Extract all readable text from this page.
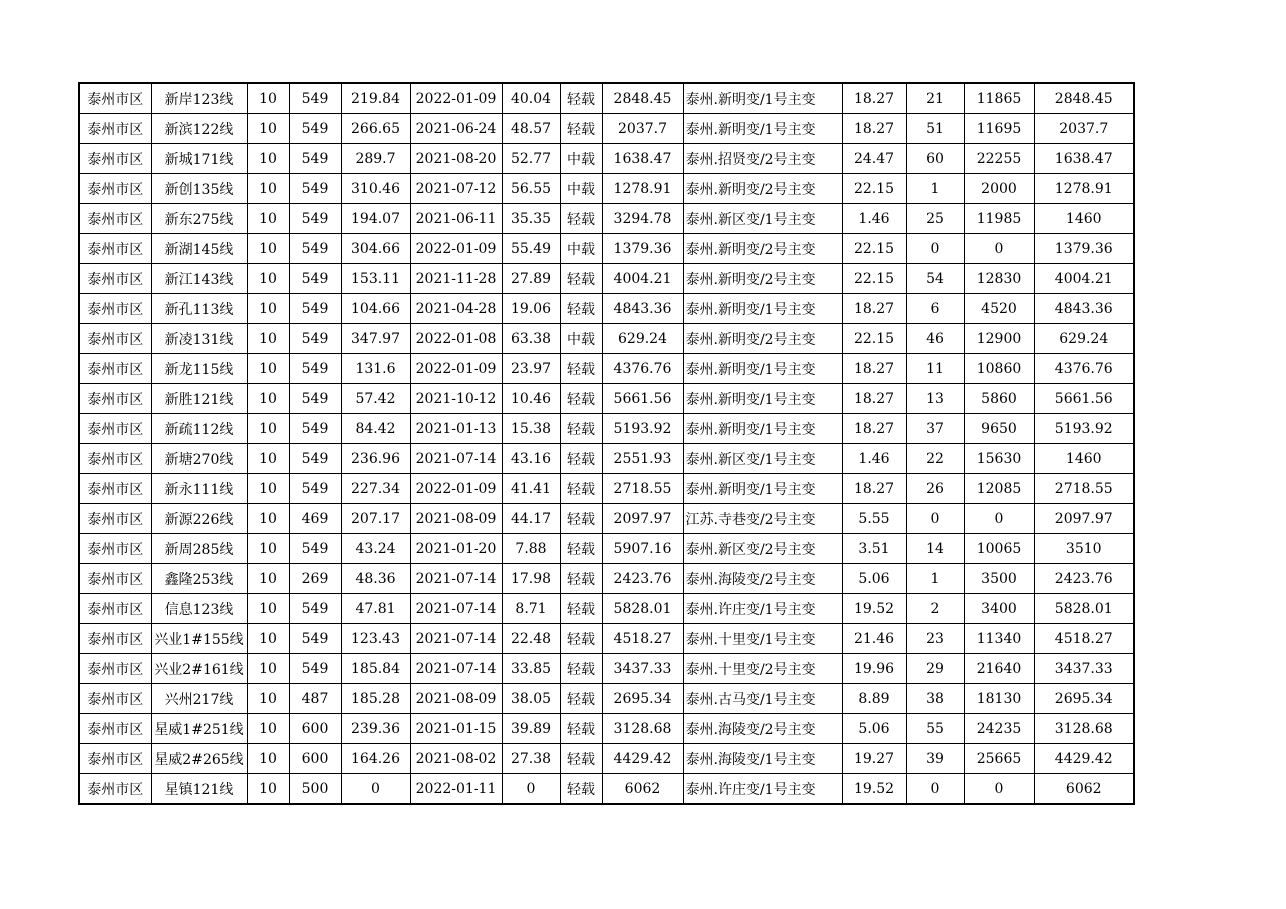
泰州市区	新岸123线	10	549	219.84	2022-01-09	40.04	轻载	2848.45	泰州.新明变/1号主变	18.27	21	11865	2848.45
泰州市区	新滨122线	10	549	266.65	2021-06-24	48.57	轻载	2037.7	泰州.新明变/1号主变	18.27	51	11695	2037.7
泰州市区	新城171线	10	549	289.7	2021-08-20	52.77	中载	1638.47	泰州.招贤变/2号主变	24.47	60	22255	1638.47
泰州市区	新创135线	10	549	310.46	2021-07-12	56.55	中载	1278.91	泰州.新明变/2号主变	22.15	1	2000	1278.91
泰州市区	新东275线	10	549	194.07	2021-06-11	35.35	轻载	3294.78	泰州.新区变/1号主变	1.46	25	11985	1460
泰州市区	新湖145线	10	549	304.66	2022-01-09	55.49	中载	1379.36	泰州.新明变/2号主变	22.15	0	0	1379.36
泰州市区	新江143线	10	549	153.11	2021-11-28	27.89	轻载	4004.21	泰州.新明变/2号主变	22.15	54	12830	4004.21
泰州市区	新孔113线	10	549	104.66	2021-04-28	19.06	轻载	4843.36	泰州.新明变/1号主变	18.27	6	4520	4843.36
泰州市区	新凌131线	10	549	347.97	2022-01-08	63.38	中载	629.24	泰州.新明变/2号主变	22.15	46	12900	629.24
泰州市区	新龙115线	10	549	131.6	2022-01-09	23.97	轻载	4376.76	泰州.新明变/1号主变	18.27	11	10860	4376.76
泰州市区	新胜121线	10	549	57.42	2021-10-12	10.46	轻载	5661.56	泰州.新明变/1号主变	18.27	13	5860	5661.56
泰州市区	新疏112线	10	549	84.42	2021-01-13	15.38	轻载	5193.92	泰州.新明变/1号主变	18.27	37	9650	5193.92
泰州市区	新塘270线	10	549	236.96	2021-07-14	43.16	轻载	2551.93	泰州.新区变/1号主变	1.46	22	15630	1460
泰州市区	新永111线	10	549	227.34	2022-01-09	41.41	轻载	2718.55	泰州.新明变/1号主变	18.27	26	12085	2718.55
泰州市区	新源226线	10	469	207.17	2021-08-09	44.17	轻载	2097.97	江苏.寺巷变/2号主变	5.55	0	0	2097.97
泰州市区	新周285线	10	549	43.24	2021-01-20	7.88	轻载	5907.16	泰州.新区变/2号主变	3.51	14	10065	3510
泰州市区	鑫隆253线	10	269	48.36	2021-07-14	17.98	轻载	2423.76	泰州.海陵变/2号主变	5.06	1	3500	2423.76
泰州市区	信息123线	10	549	47.81	2021-07-14	8.71	轻载	5828.01	泰州.许庄变/1号主变	19.52	2	3400	5828.01
泰州市区	兴业1#155线	10	549	123.43	2021-07-14	22.48	轻载	4518.27	泰州.十里变/1号主变	21.46	23	11340	4518.27
泰州市区	兴业2#161线	10	549	185.84	2021-07-14	33.85	轻载	3437.33	泰州.十里变/2号主变	19.96	29	21640	3437.33
泰州市区	兴州217线	10	487	185.28	2021-08-09	38.05	轻载	2695.34	泰州.古马变/1号主变	8.89	38	18130	2695.34
泰州市区	星威1#251线	10	600	239.36	2021-01-15	39.89	轻载	3128.68	泰州.海陵变/2号主变	5.06	55	24235	3128.68
泰州市区	星威2#265线	10	600	164.26	2021-08-02	27.38	轻载	4429.42	泰州.海陵变/1号主变	19.27	39	25665	4429.42
泰州市区	星镇121线	10	500	0	2022-01-11	0	轻载	6062	泰州.许庄变/1号主变	19.52	0	0	6062
